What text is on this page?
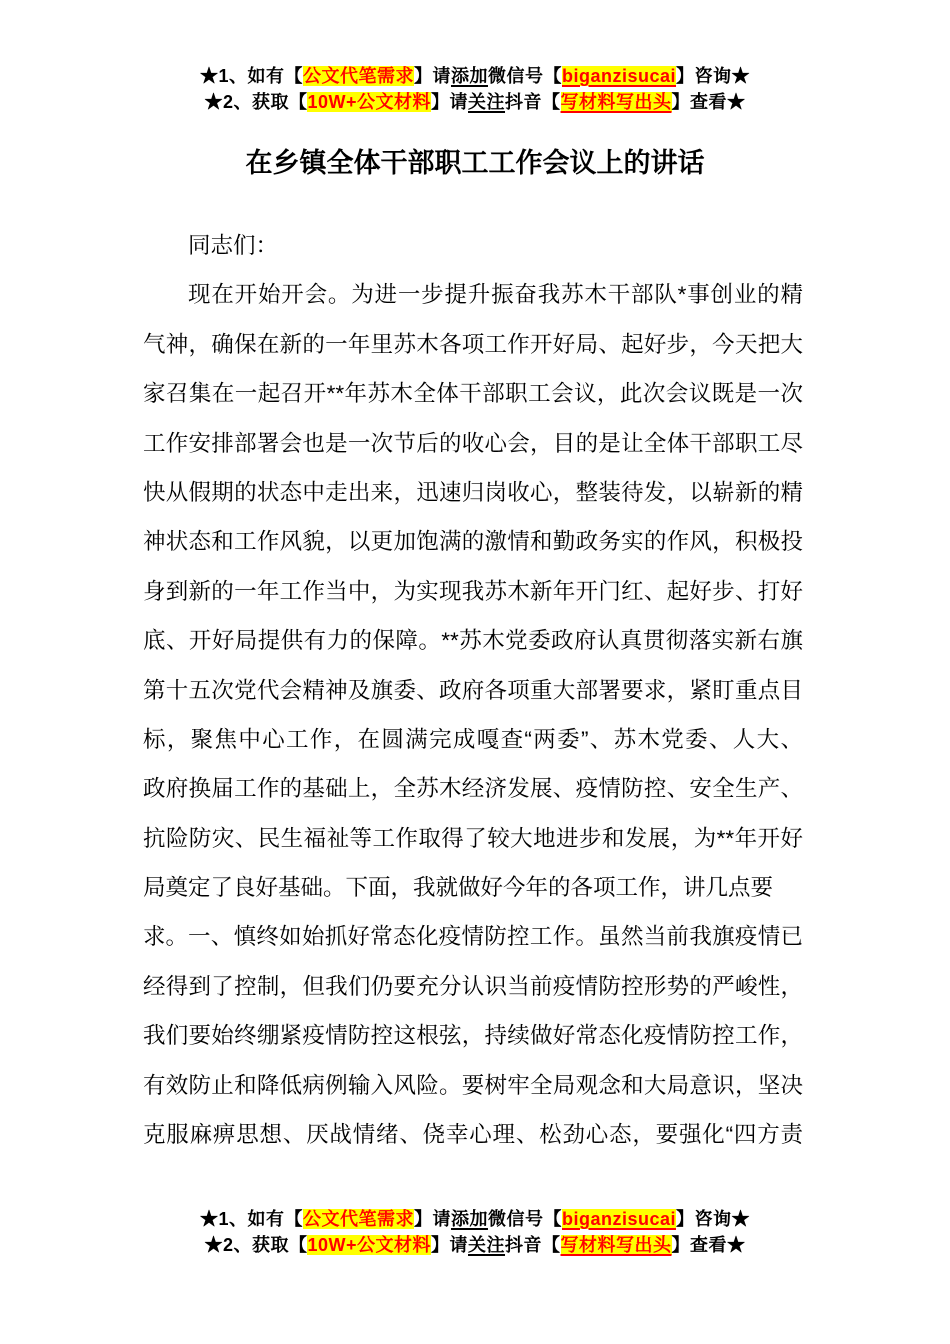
★1、如有【公文代笔需求】请添加微信号【biganzisucai】咨询★
★2、获取【10W+公文材料】请关注抖音【写材料写出头】查看★
在乡镇全体干部职工工作会议上的讲话
同志们：
现在开始开会。为进一步提升振奋我苏木干部队*事创业的精
气神，确保在新的一年里苏木各项工作开好局、起好步，今天把大
家召集在一起召开**年苏木全体干部职工会议，此次会议既是一次
工作安排部署会也是一次节后的收心会，目的是让全体干部职工尽
快从假期的状态中走出来，迅速归岗收心，整装待发，以崭新的精
神状态和工作风貌，以更加饱满的激情和勤政务实的作风，积极投
身到新的一年工作当中，为实现我苏木新年开门红、起好步、打好
底、开好局提供有力的保障。**苏木党委政府认真贯彻落实新右旗
第十五次党代会精神及旗委、政府各项重大部署要求，紧盯重点目
标，聚焦中心工作，在圆满完成嘎查“两委”、苏木党委、人大、
政府换届工作的基础上，全苏木经济发展、疫情防控、安全生产、
抗险防灾、民生福祉等工作取得了较大地进步和发展，为**年开好
局奠定了良好基础。下面，我就做好今年的各项工作，讲几点要求。 一、慎终如始抓好常态化疫情防控工作。虽然当前我旗疫情已
经得到了控制，但我们仍要充分认识当前疫情防控形势的严峻性，
我们要始终绷紧疫情防控这根弦，持续做好常态化疫情防控工作，
有效防止和降低病例输入风险。要树牢全局观念和大局意识，坚决
克服麻痹思想、厌战情绪、侥幸心理、松劲心态，要强化“四方责
★1、如有【公文代笔需求】请添加微信号【biganzisucai】咨询★
★2、获取【10W+公文材料】请关注抖音【写材料写出头】查看★
